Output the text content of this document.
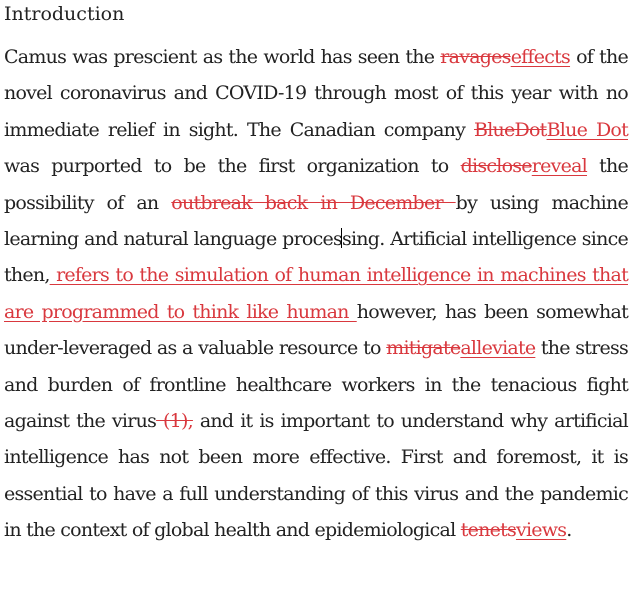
Introduction

Camus was prescient as the world has seen the ravageseffects of the novel coronavirus and COVID-19 through most of this year with no immediate relief in sight. The Canadian company BlueDotBlue Dot was purported to be the first organization to disclosereveal the possibility of an outbreak back in December by using machine learning and natural language processing. Artificial intelligence since then, refers to the simulation of human intelligence in machines that are programmed to think like human however, has been somewhat under-leveraged as a valuable resource to mitigatealleviate the stress and burden of frontline healthcare workers in the tenacious fight against the virus (1), and it is important to understand why artificial intelligence has not been more effective. First and foremost, it is essential to have a full understanding of this virus and the pandemic in the context of global health and epidemiological tenetsviews.
